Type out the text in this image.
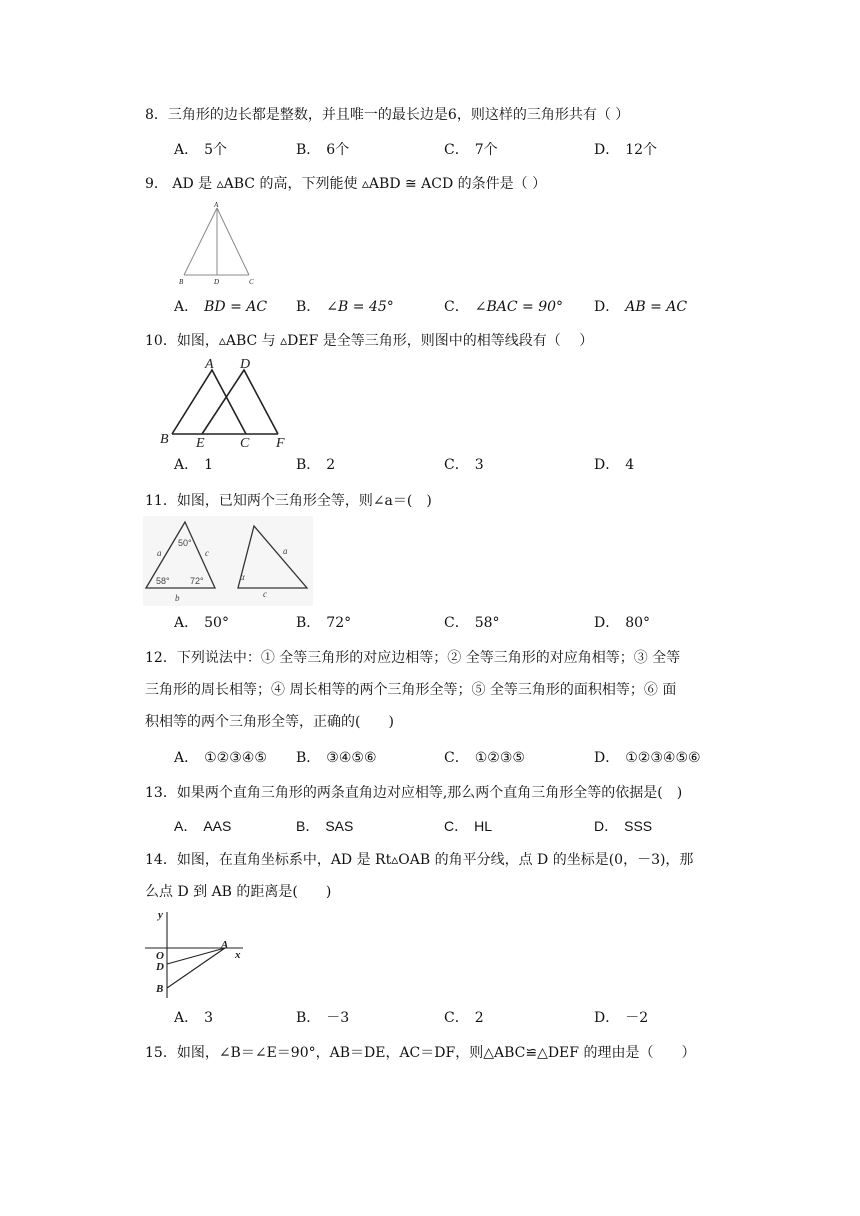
8．三角形的边长都是整数，并且唯一的最长边是6，则这样的三角形共有（ ）
A． 5个	B． 6个	C． 7个	D． 12个
9． AD 是 ▵ABC 的高，下列能使 ▵ABD ≅ ACD 的条件是（ ）
A
B	D	C
A． BD = AC B． ∠B = 45°	C． ∠BAC = 90° D． AB = AC
10．如图，▵ABC 与 ▵DEF 是全等三角形，则图中的相等线段有（　 ）
A D
B E	C F
A． 1	B． 2	C． 3	D． 4
11．如图，已知两个三角形全等，则∠a＝(　)
50°
58° 72°
a	c
b
a
c
α
A． 50°	B． 72°	C． 58°	D． 80°
12．下列说法中：① 全等三角形的对应边相等；② 全等三角形的对应角相等；③ 全等
三角形的周长相等；④ 周长相等的两个三角形全等；⑤ 全等三角形的面积相等；⑥ 面
积相等的两个三角形全等，正确的(　　)
A． ①②③④⑤ B． ③④⑤⑥	C． ①②③⑤	D． ①②③④⑤⑥
13．如果两个直角三角形的两条直角边对应相等,那么两个直角三角形全等的依据是(　)
A． AAS	B． SAS	C． HL	D． SSS
14．如图，在直角坐标系中，AD 是 Rt▵OAB 的角平分线，点 D 的坐标是(0，－3)，那
么点 D 到 AB 的距离是(　　)
y
x
O
A
D
B
A． 3	B． －3	C． 2	D． －2
15．如图，∠B＝∠E＝90°，AB＝DE，AC＝DF，则△ABC≌△DEF 的理由是（　　）
